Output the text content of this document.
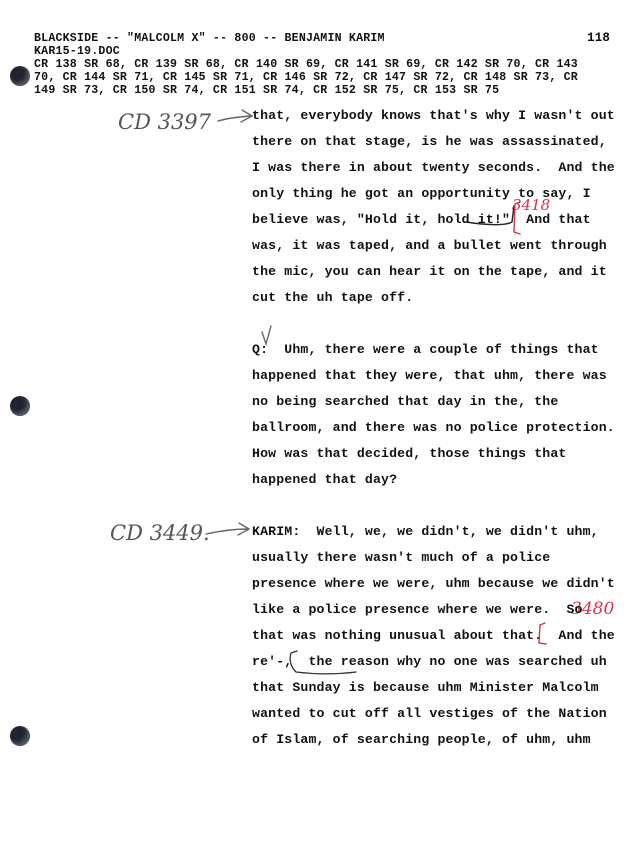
BLACKSIDE -- "MALCOLM X" -- 800 -- BENJAMIN KARIM	118
KAR15-19.DOC
CR 138 SR 68, CR 139 SR 68, CR 140 SR 69, CR 141 SR 69, CR 142 SR 70, CR 143
70, CR 144 SR 71, CR 145 SR 71, CR 146 SR 72, CR 147 SR 72, CR 148 SR 73, CR
149 SR 73, CR 150 SR 74, CR 151 SR 74, CR 152 SR 75, CR 153 SR 75
CD 3397
3418
CD 3449.
3480
that, everybody knows that's why I wasn't out
there on that stage, is he was assassinated,
I was there in about twenty seconds.  And the
only thing he got an opportunity to say, I
believe was, "Hold it, hold it!"  And that
was, it was taped, and a bullet went through
the mic, you can hear it on the tape, and it
cut the uh tape off.
Q:  Uhm, there were a couple of things that
happened that they were, that uhm, there was
no being searched that day in the, the
ballroom, and there was no police protection.
How was that decided, those things that
happened that day?
KARIM:  Well, we, we didn't, we didn't uhm,
usually there wasn't much of a police
presence where we were, uhm because we didn't
like a police presence where we were.  So
that was nothing unusual about that.  And the
re'-,  the reason why no one was searched uh
that Sunday is because uhm Minister Malcolm
wanted to cut off all vestiges of the Nation
of Islam, of searching people, of uhm, uhm
